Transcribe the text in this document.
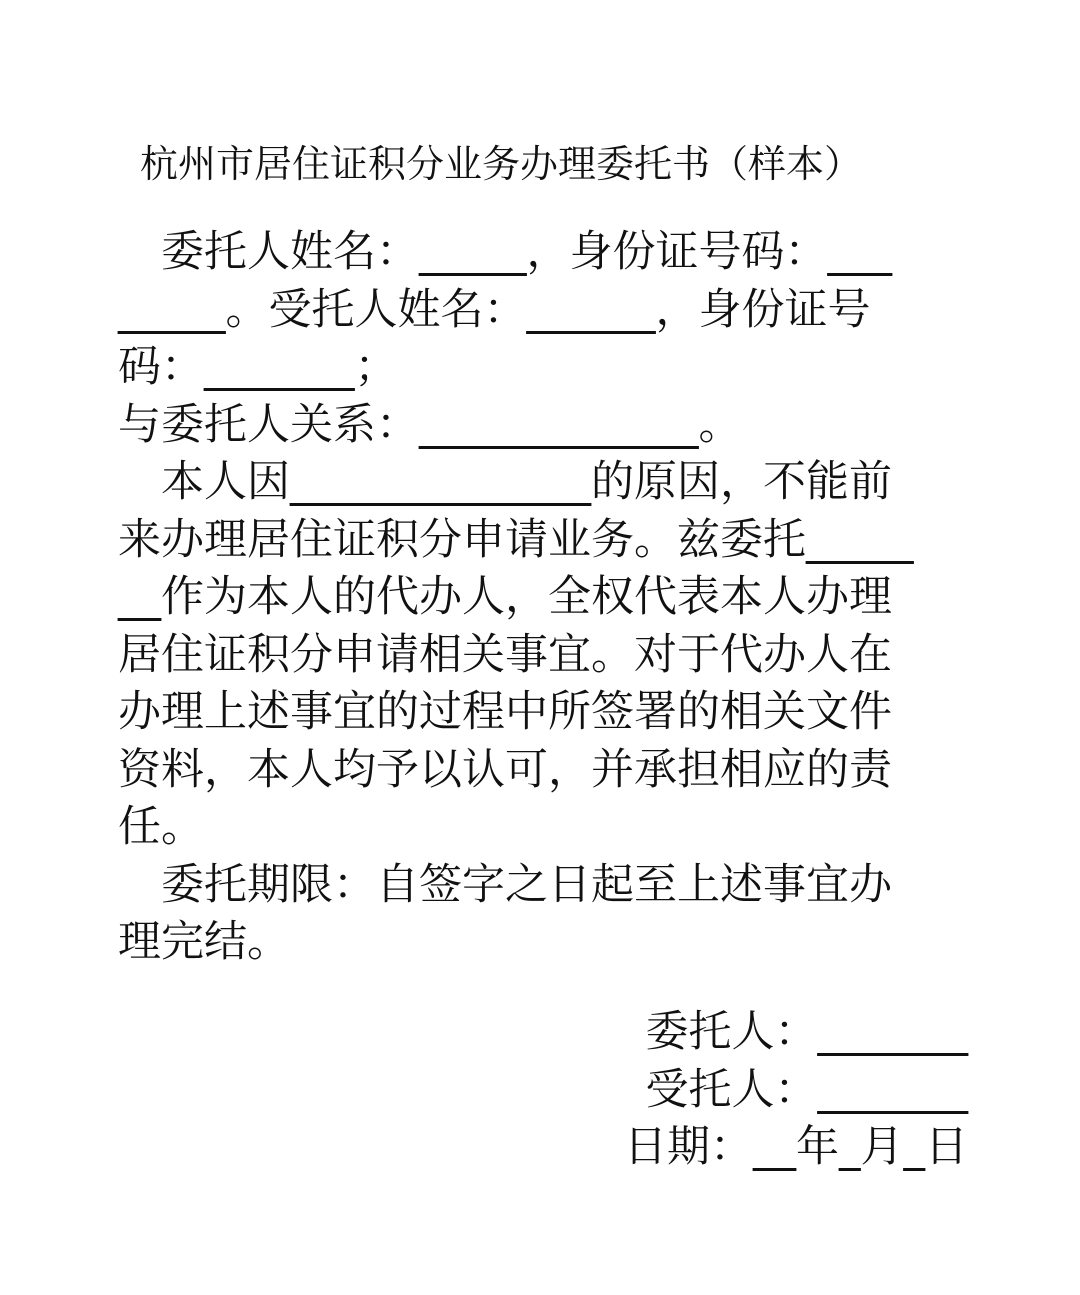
杭州市居住证积分业务办理委托书（样本）
　委托人姓名：_____，身份证号码：___
_____。受托人姓名：______，身份证号
码：_______；
与委托人关系：_____________。
　本人因______________的原因，不能前
来办理居住证积分申请业务。兹委托_____
__作为本人的代办人，全权代表本人办理
居住证积分申请相关事宜。对于代办人在
办理上述事宜的过程中所签署的相关文件
资料，本人均予以认可，并承担相应的责
任。
　委托期限：自签字之日起至上述事宜办
理完结。
委托人：_______
受托人：_______
日期：__年_月_日
